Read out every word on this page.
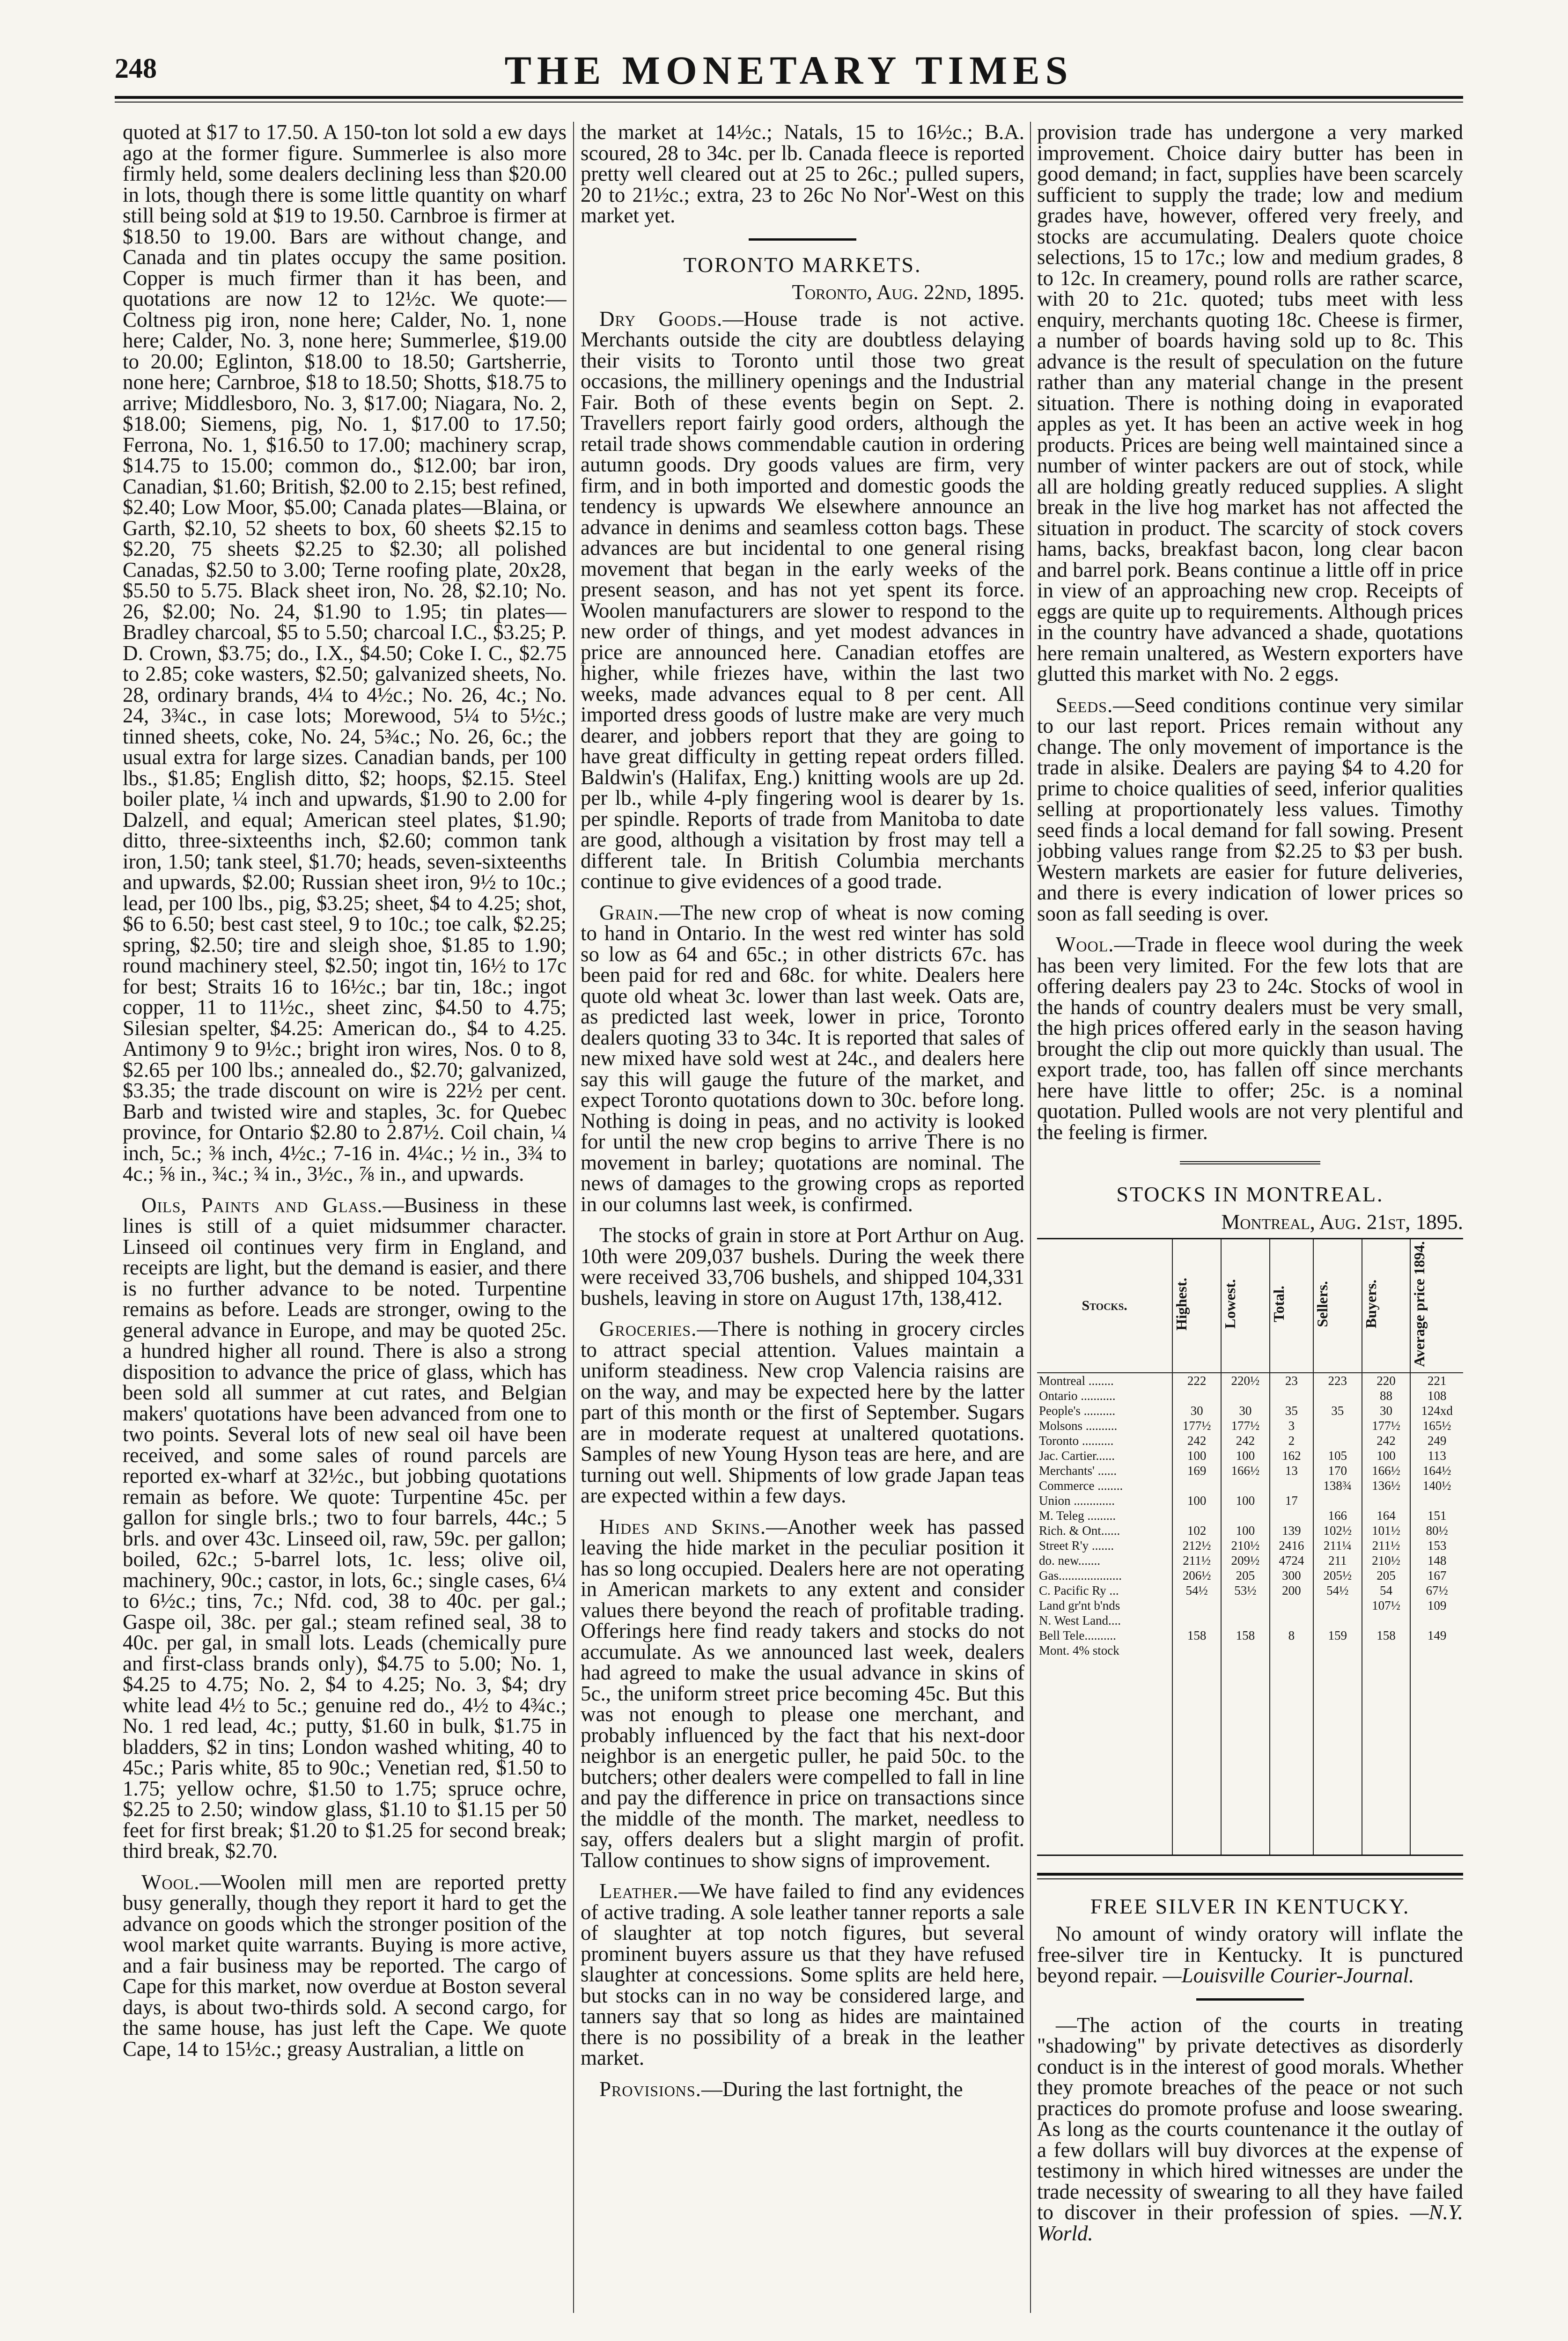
248	THE MONETARY TIMES

quoted at $17 to 17.50. A 150-ton lot sold a ew days ago at the former figure. Summerlee is also more firmly held, some dealers declining less than $20.00 in lots, though there is some little quantity on wharf still being sold at $19 to 19.50. Carnbroe is firmer at $18.50 to 19.00. Bars are without change, and Canada and tin plates occupy the same position. Copper is much firmer than it has been, and quotations are now 12 to 12½c. We quote:—Coltness pig iron, none here; Calder, No. 1, none here; Calder, No. 3, none here; Summerlee, $19.00 to 20.00; Eglinton, $18.00 to 18.50; Gartsherrie, none here; Carnbroe, $18 to 18.50; Shotts, $18.75 to arrive; Middlesboro, No. 3, $17.00; Niagara, No. 2, $18.00; Siemens, pig, No. 1, $17.00 to 17.50; Ferrona, No. 1, $16.50 to 17.00; machinery scrap, $14.75 to 15.00; common do., $12.00; bar iron, Canadian, $1.60; British, $2.00 to 2.15; best refined, $2.40; Low Moor, $5.00; Canada plates—Blaina, or Garth, $2.10, 52 sheets to box, 60 sheets $2.15 to $2.20, 75 sheets $2.25 to $2.30; all polished Canadas, $2.50 to 3.00; Terne roofing plate, 20x28, $5.50 to 5.75. Black sheet iron, No. 28, $2.10; No. 26, $2.00; No. 24, $1.90 to 1.95; tin plates—Bradley charcoal, $5 to 5.50; charcoal I.C., $3.25; P. D. Crown, $3.75; do., I.X., $4.50; Coke I. C., $2.75 to 2.85; coke wasters, $2.50; galvanized sheets, No. 28, ordinary brands, 4¼ to 4½c.; No. 26, 4c.; No. 24, 3¾c., in case lots; Morewood, 5¼ to 5½c.; tinned sheets, coke, No. 24, 5¾c.; No. 26, 6c.; the usual extra for large sizes. Canadian bands, per 100 lbs., $1.85; English ditto, $2; hoops, $2.15. Steel boiler plate, ¼ inch and upwards, $1.90 to 2.00 for Dalzell, and equal; American steel plates, $1.90; ditto, three-sixteenths inch, $2.60; common tank iron, 1.50; tank steel, $1.70; heads, seven-sixteenths and upwards, $2.00; Russian sheet iron, 9½ to 10c.; lead, per 100 lbs., pig, $3.25; sheet, $4 to 4.25; shot, $6 to 6.50; best cast steel, 9 to 10c.; toe calk, $2.25; spring, $2.50; tire and sleigh shoe, $1.85 to 1.90; round machinery steel, $2.50; ingot tin, 16½ to 17c for best; Straits 16 to 16½c.; bar tin, 18c.; ingot copper, 11 to 11½c., sheet zinc, $4.50 to 4.75; Silesian spelter, $4.25: American do., $4 to 4.25. Antimony 9 to 9½c.; bright iron wires, Nos. 0 to 8, $2.65 per 100 lbs.; annealed do., $2.70; galvanized, $3.35; the trade discount on wire is 22½ per cent. Barb and twisted wire and staples, 3c. for Quebec province, for Ontario $2.80 to 2.87½. Coil chain, ¼ inch, 5c.; ⅜ inch, 4½c.; 7-16 in. 4¼c.; ½ in., 3¾ to 4c.; ⅝ in., ¾c.; ¾ in., 3½c., ⅞ in., and upwards.

Oils, Paints and Glass.—Business in these lines is still of a quiet midsummer character. Linseed oil continues very firm in England, and receipts are light, but the demand is easier, and there is no further advance to be noted. Turpentine remains as before. Leads are stronger, owing to the general advance in Europe, and may be quoted 25c. a hundred higher all round. There is also a strong disposition to advance the price of glass, which has been sold all summer at cut rates, and Belgian makers' quotations have been advanced from one to two points. Several lots of new seal oil have been received, and some sales of round parcels are reported ex-wharf at 32½c., but jobbing quotations remain as before. We quote: Turpentine 45c. per gallon for single brls.; two to four barrels, 44c.; 5 brls. and over 43c. Linseed oil, raw, 59c. per gallon; boiled, 62c.; 5-barrel lots, 1c. less; olive oil, machinery, 90c.; castor, in lots, 6c.; single cases, 6¼ to 6½c.; tins, 7c.; Nfd. cod, 38 to 40c. per gal.; Gaspe oil, 38c. per gal.; steam refined seal, 38 to 40c. per gal, in small lots. Leads (chemically pure and first-class brands only), $4.75 to 5.00; No. 1, $4.25 to 4.75; No. 2, $4 to 4.25; No. 3, $4; dry white lead 4½ to 5c.; genuine red do., 4½ to 4¾c.; No. 1 red lead, 4c.; putty, $1.60 in bulk, $1.75 in bladders, $2 in tins; London washed whiting, 40 to 45c.; Paris white, 85 to 90c.; Venetian red, $1.50 to 1.75; yellow ochre, $1.50 to 1.75; spruce ochre, $2.25 to 2.50; window glass, $1.10 to $1.15 per 50 feet for first break; $1.20 to $1.25 for second break; third break, $2.70.

Wool.—Woolen mill men are reported pretty busy generally, though they report it hard to get the advance on goods which the stronger position of the wool market quite warrants. Buying is more active, and a fair business may be reported. The cargo of Cape for this market, now overdue at Boston several days, is about two-thirds sold. A second cargo, for the same house, has just left the Cape. We quote Cape, 14 to 15½c.; greasy Australian, a little on

the market at 14½c.; Natals, 15 to 16½c.; B.A. scoured, 28 to 34c. per lb. Canada fleece is reported pretty well cleared out at 25 to 26c.; pulled supers, 20 to 21½c.; extra, 23 to 26c No Nor'-West on this market yet.

TORONTO MARKETS.
Toronto, Aug. 22nd, 1895.

Dry Goods.—House trade is not active. Merchants outside the city are doubtless delaying their visits to Toronto until those two great occasions, the millinery openings and the Industrial Fair. Both of these events begin on Sept. 2. Travellers report fairly good orders, although the retail trade shows commendable caution in ordering autumn goods. Dry goods values are firm, very firm, and in both imported and domestic goods the tendency is upwards We elsewhere announce an advance in denims and seamless cotton bags. These advances are but incidental to one general rising movement that began in the early weeks of the present season, and has not yet spent its force. Woolen manufacturers are slower to respond to the new order of things, and yet modest advances in price are announced here. Canadian etoffes are higher, while friezes have, within the last two weeks, made advances equal to 8 per cent. All imported dress goods of lustre make are very much dearer, and jobbers report that they are going to have great difficulty in getting repeat orders filled. Baldwin's (Halifax, Eng.) knitting wools are up 2d. per lb., while 4-ply fingering wool is dearer by 1s. per spindle. Reports of trade from Manitoba to date are good, although a visitation by frost may tell a different tale. In British Columbia merchants continue to give evidences of a good trade.

Grain.—The new crop of wheat is now coming to hand in Ontario. In the west red winter has sold so low as 64 and 65c.; in other districts 67c. has been paid for red and 68c. for white. Dealers here quote old wheat 3c. lower than last week. Oats are, as predicted last week, lower in price, Toronto dealers quoting 33 to 34c. It is reported that sales of new mixed have sold west at 24c., and dealers here say this will gauge the future of the market, and expect Toronto quotations down to 30c. before long. Nothing is doing in peas, and no activity is looked for until the new crop begins to arrive There is no movement in barley; quotations are nominal. The news of damages to the growing crops as reported in our columns last week, is confirmed.

The stocks of grain in store at Port Arthur on Aug. 10th were 209,037 bushels. During the week there were received 33,706 bushels, and shipped 104,331 bushels, leaving in store on August 17th, 138,412.

Groceries.—There is nothing in grocery circles to attract special attention. Values maintain a uniform steadiness. New crop Valencia raisins are on the way, and may be expected here by the latter part of this month or the first of September. Sugars are in moderate request at unaltered quotations. Samples of new Young Hyson teas are here, and are turning out well. Shipments of low grade Japan teas are expected within a few days.

Hides and Skins.—Another week has passed leaving the hide market in the peculiar position it has so long occupied. Dealers here are not operating in American markets to any extent and consider values there beyond the reach of profitable trading. Offerings here find ready takers and stocks do not accumulate. As we announced last week, dealers had agreed to make the usual advance in skins of 5c., the uniform street price becoming 45c. But this was not enough to please one merchant, and probably influenced by the fact that his next-door neighbor is an energetic puller, he paid 50c. to the butchers; other dealers were compelled to fall in line and pay the difference in price on transactions since the middle of the month. The market, needless to say, offers dealers but a slight margin of profit. Tallow continues to show signs of improvement.

Leather.—We have failed to find any evidences of active trading. A sole leather tanner reports a sale of slaughter at top notch figures, but several prominent buyers assure us that they have refused slaughter at concessions. Some splits are held here, but stocks can in no way be considered large, and tanners say that so long as hides are maintained there is no possibility of a break in the leather market.

Provisions.—During the last fortnight, the

provision trade has undergone a very marked improvement. Choice dairy butter has been in good demand; in fact, supplies have been scarcely sufficient to supply the trade; low and medium grades have, however, offered very freely, and stocks are accumulating. Dealers quote choice selections, 15 to 17c.; low and medium grades, 8 to 12c. In creamery, pound rolls are rather scarce, with 20 to 21c. quoted; tubs meet with less enquiry, merchants quoting 18c. Cheese is firmer, a number of boards having sold up to 8c. This advance is the result of speculation on the future rather than any material change in the present situation. There is nothing doing in evaporated apples as yet. It has been an active week in hog products. Prices are being well maintained since a number of winter packers are out of stock, while all are holding greatly reduced supplies. A slight break in the live hog market has not affected the situation in product. The scarcity of stock covers hams, backs, breakfast bacon, long clear bacon and barrel pork. Beans continue a little off in price in view of an approaching new crop. Receipts of eggs are quite up to requirements. Although prices in the country have advanced a shade, quotations here remain unaltered, as Western exporters have glutted this market with No. 2 eggs.

Seeds.—Seed conditions continue very similar to our last report. Prices remain without any change. The only movement of importance is the trade in alsike. Dealers are paying $4 to 4.20 for prime to choice qualities of seed, inferior qualities selling at proportionately less values. Timothy seed finds a local demand for fall sowing. Present jobbing values range from $2.25 to $3 per bush. Western markets are easier for future deliveries, and there is every indication of lower prices so soon as fall seeding is over.

Wool.—Trade in fleece wool during the week has been very limited. For the few lots that are offering dealers pay 23 to 24c. Stocks of wool in the hands of country dealers must be very small, the high prices offered early in the season having brought the clip out more quickly than usual. The export trade, too, has fallen off since merchants here have little to offer; 25c. is a nominal quotation. Pulled wools are not very plentiful and the feeling is firmer.

STOCKS IN MONTREAL.
Montreal, Aug. 21st, 1895.
Stocks.	Highest.	Lowest.	Total.	Sellers.	Buyers.	Average price 1894.
Montreal ........	222	220½	23	223	220	221
Ontario ...........					88	108
People's ..........	30	30	35	35	30	124xd
Molsons ..........	177½	177½	3		177½	165½
Toronto ..........	242	242	2		242	249
Jac. Cartier......	100	100	162	105	100	113
Merchants' ......	169	166½	13	170	166½	164½
Commerce ........				138¾	136½	140½
Union .............	100	100	17			
M. Teleg .........				166	164	151
Rich. & Ont......	102	100	139	102½	101½	80½
Street R'y .......	212½	210½	2416	211¼	211½	153
do. new.......	211½	209½	4724	211	210½	148
Gas....................	206½	205	300	205½	205	167
C. Pacific Ry ...	54½	53½	200	54½	54	67½
Land gr'nt b'nds					107½	109
N. West Land....						
Bell Tele..........	158	158	8	159	158	149
Mont. 4% stock						

FREE SILVER IN KENTUCKY.

No amount of windy oratory will inflate the free-silver tire in Kentucky. It is punctured beyond repair. —Louisville Courier-Journal.

—The action of the courts in treating "shadowing" by private detectives as disorderly conduct is in the interest of good morals. Whether they promote breaches of the peace or not such practices do promote profuse and loose swearing. As long as the courts countenance it the outlay of a few dollars will buy divorces at the expense of testimony in which hired witnesses are under the trade necessity of swearing to all they have failed to discover in their profession of spies. —N.Y. World.
